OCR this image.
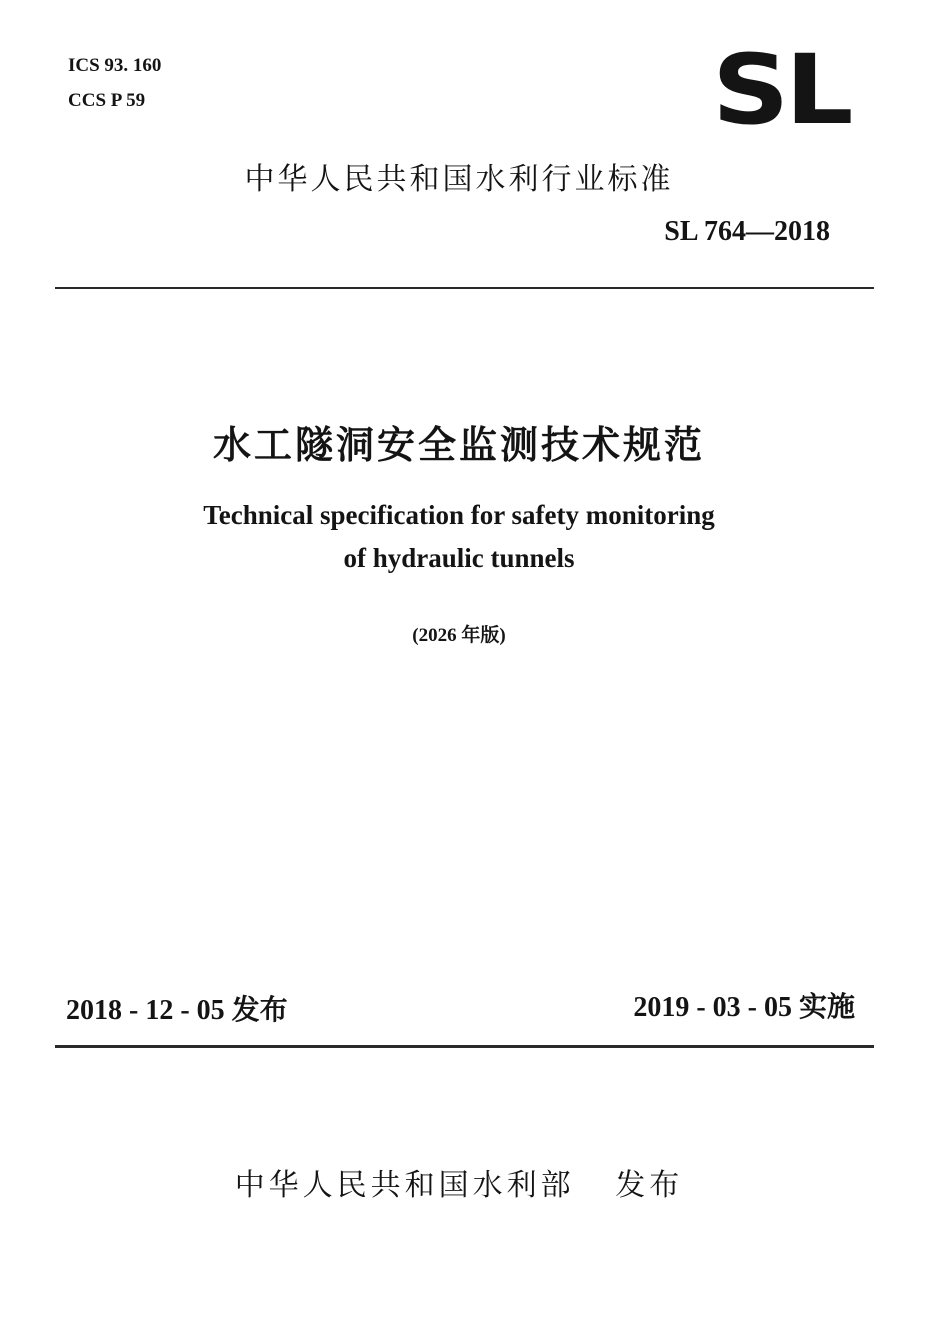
ICS 93. 160
CCS P 59	SL
中华人民共和国水利行业标准
SL 764—2018
水工隧洞安全监测技术规范
Technical specification for safety monitoring
of hydraulic tunnels
(2026 年版)
2018 - 12 - 05 发布	2019 - 03 - 05 实施
中华人民共和国水利部   发布
